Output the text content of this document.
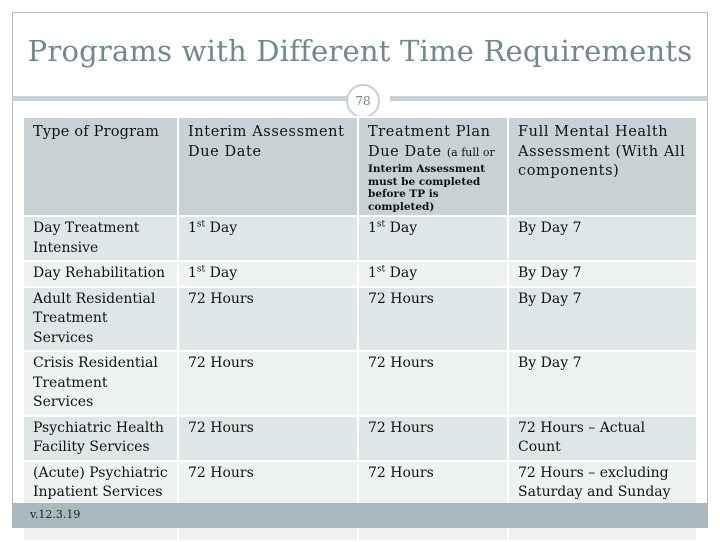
Programs with Different Time Requirements
78
Type of Program	Interim Assessment Due Date	Treatment Plan Due Date (a full or
Interim Assessment must be completed before TP is completed)	Full Mental Health Assessment (With All components)
Day Treatment Intensive	1st Day	1st Day	By Day 7
Day Rehabilitation	1st Day	1st Day	By Day 7
Adult Residential Treatment Services	72 Hours	72 Hours	By Day 7
Crisis Residential Treatment Services	72 Hours	72 Hours	By Day 7
Psychiatric Health Facility Services	72 Hours	72 Hours	72 Hours – Actual Count
(Acute) Psychiatric Inpatient Services	72 Hours	72 Hours	72 Hours – excluding Saturday and Sunday
v.12.3.19
